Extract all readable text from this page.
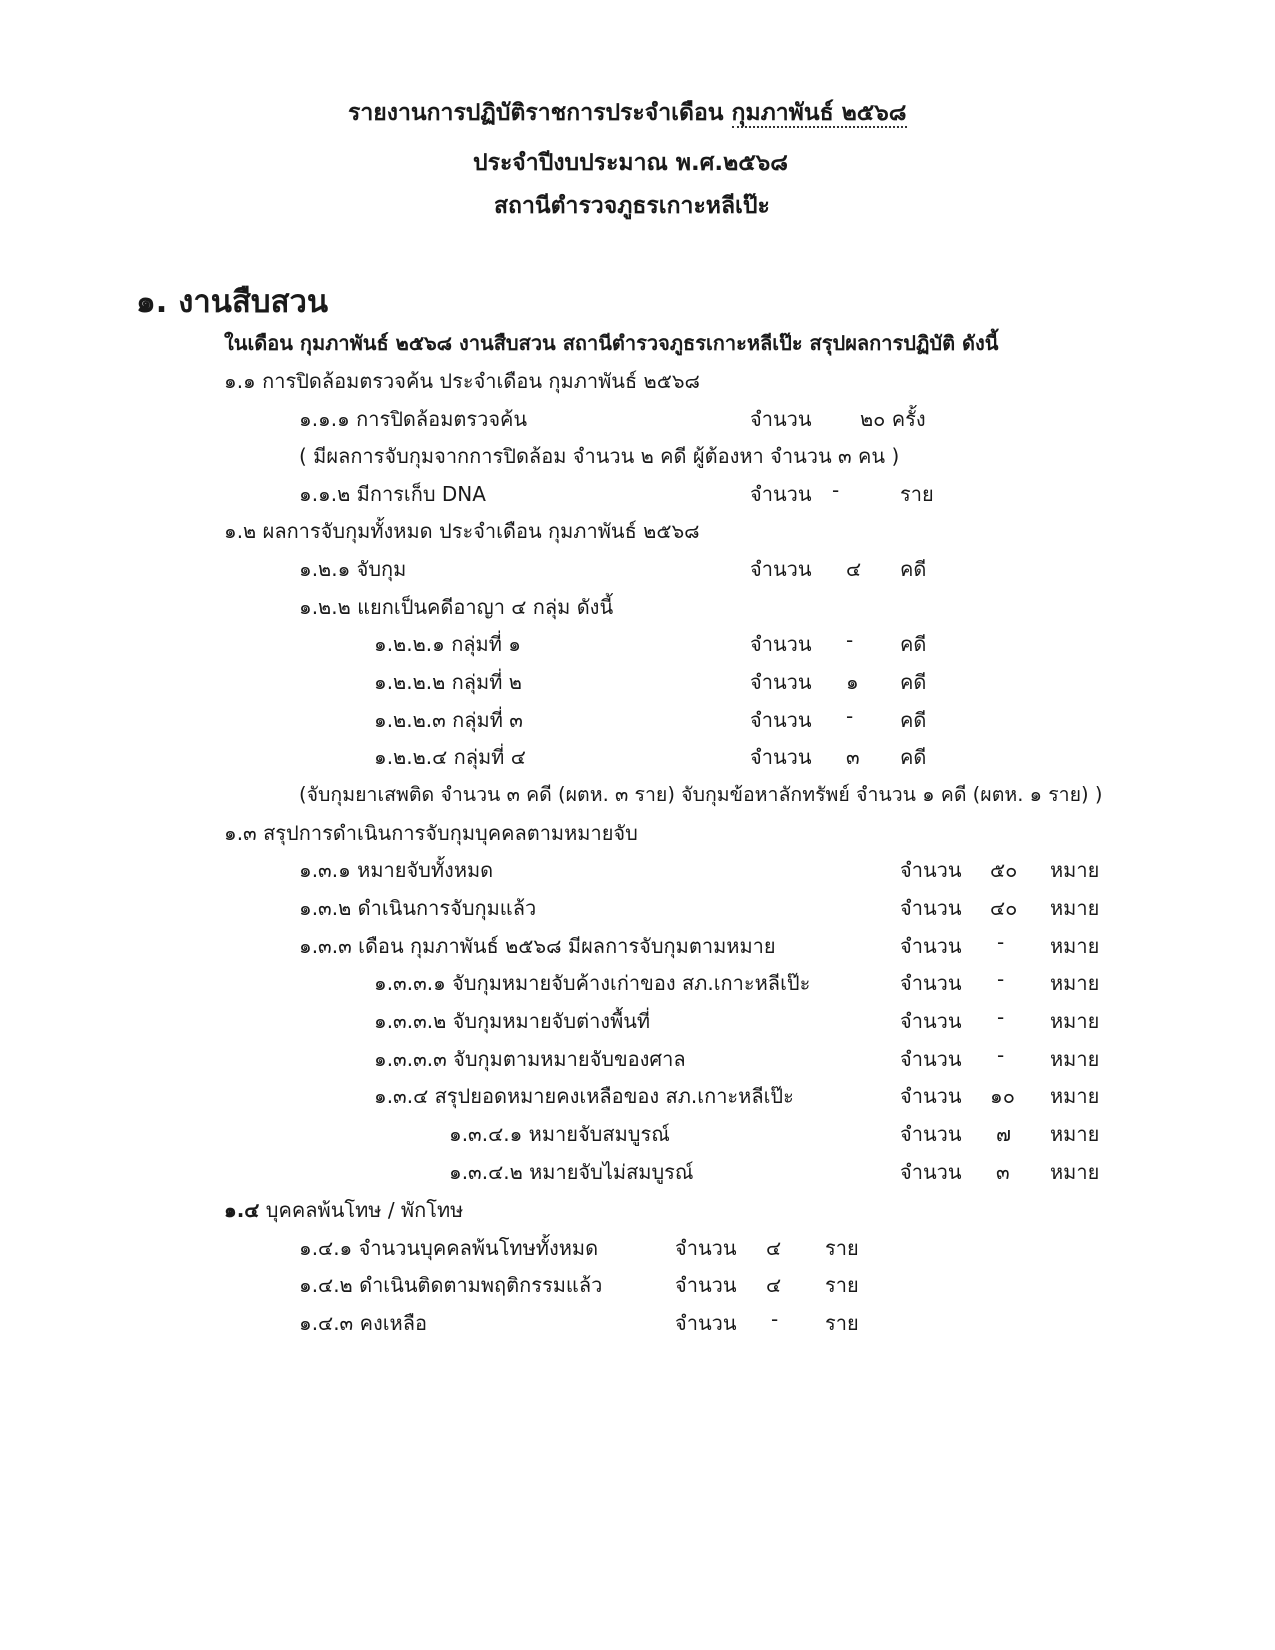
รายงานการปฏิบัติราชการประจำเดือน กุมภาพันธ์ ๒๕๖๘
ประจำปีงบประมาณ พ.ศ.๒๕๖๘
สถานีตำรวจภูธรเกาะหลีเป๊ะ
๑. งานสืบสวน
ในเดือน กุมภาพันธ์ ๒๕๖๘ งานสืบสวน สถานีตำรวจภูธรเกาะหลีเป๊ะ สรุปผลการปฏิบัติ ดังนี้
๑.๑ การปิดล้อมตรวจค้น ประจำเดือน กุมภาพันธ์ ๒๕๖๘
๑.๑.๑ การปิดล้อมตรวจค้น	จำนวน ๒๐ ครั้ง
( มีผลการจับกุมจากการปิดล้อม จำนวน ๒ คดี ผู้ต้องหา จำนวน ๓ คน )
๑.๑.๒ มีการเก็บ DNA	จำนวน -	ราย
๑.๒ ผลการจับกุมทั้งหมด ประจำเดือน กุมภาพันธ์ ๒๕๖๘
๑.๒.๑ จับกุม	จำนวน ๔ คดี
๑.๒.๒ แยกเป็นคดีอาญา ๔ กลุ่ม ดังนี้
๑.๒.๒.๑ กลุ่มที่ ๑	จำนวน - คดี
๑.๒.๒.๒ กลุ่มที่ ๒	จำนวน ๑ คดี
๑.๒.๒.๓ กลุ่มที่ ๓	จำนวน - คดี
๑.๒.๒.๔ กลุ่มที่ ๔	จำนวน ๓ คดี
(จับกุมยาเสพติด จำนวน ๓ คดี (ผตห. ๓ ราย) จับกุมข้อหาลักทรัพย์ จำนวน ๑ คดี (ผตห. ๑ ราย) )
๑.๓ สรุปการดำเนินการจับกุมบุคคลตามหมายจับ
๑.๓.๑ หมายจับทั้งหมด	จำนวน ๕๐ หมาย
๑.๓.๒ ดำเนินการจับกุมแล้ว	จำนวน ๔๐ หมาย
๑.๓.๓ เดือน กุมภาพันธ์ ๒๕๖๘ มีผลการจับกุมตามหมาย	จำนวน - หมาย
๑.๓.๓.๑ จับกุมหมายจับค้างเก่าของ สภ.เกาะหลีเป๊ะ	จำนวน - หมาย
๑.๓.๓.๒ จับกุมหมายจับต่างพื้นที่	จำนวน - หมาย
๑.๓.๓.๓ จับกุมตามหมายจับของศาล	จำนวน - หมาย
๑.๓.๔ สรุปยอดหมายคงเหลือของ สภ.เกาะหลีเป๊ะ	จำนวน ๑๐ หมาย
๑.๓.๔.๑ หมายจับสมบูรณ์	จำนวน ๗ หมาย
๑.๓.๔.๒ หมายจับไม่สมบูรณ์	จำนวน ๓ หมาย
๑.๔ บุคคลพ้นโทษ / พักโทษ
๑.๔.๑ จำนวนบุคคลพ้นโทษทั้งหมด	จำนวน ๔ ราย
๑.๔.๒ ดำเนินติดตามพฤติกรรมแล้ว	จำนวน ๔ ราย
๑.๔.๓ คงเหลือ	จำนวน - ราย
